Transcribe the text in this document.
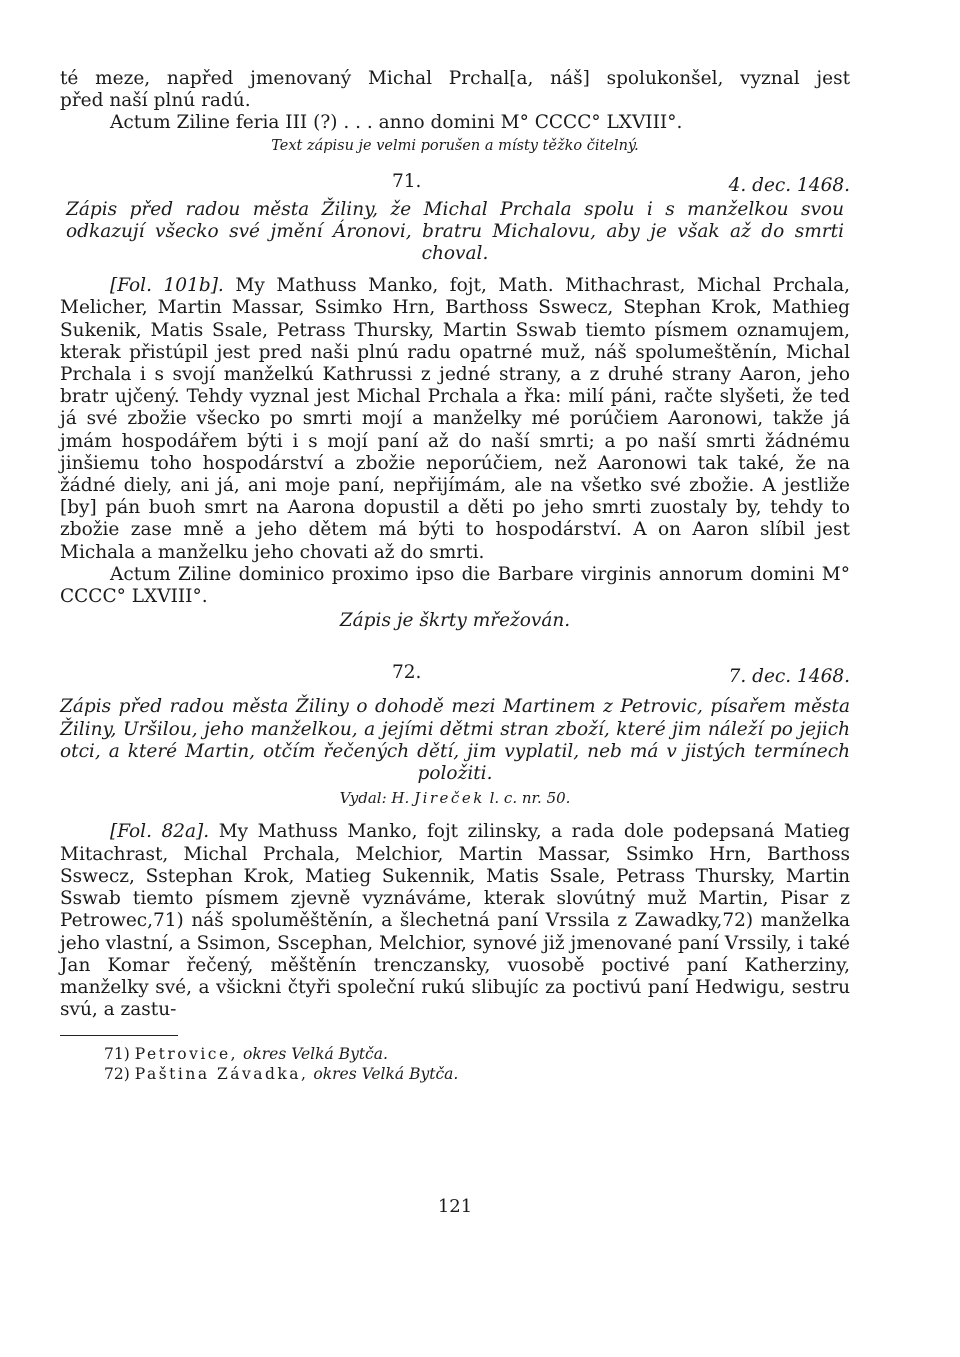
té meze, napřed jmenovaný Michal Prchal[a, náš] spolukonšel, vyznal jest

před naší plnú radú.

Actum Ziline feria III (?) . . . anno domini M° CCCC° LXVIII°.

Text zápisu je velmi porušen a místy těžko čitelný.

71.	4. dec. 1468.

Zápis před radou města Žiliny, že Michal Prchala spolu i s manželkou svou odkazují všecko své jmění Áronovi, bratru Michalovu, aby je však až do smrti choval.

[Fol. 101b]. My Mathuss Manko, fojt, Math. Mithachrast, Michal Prchala, Melicher, Martin Massar, Ssimko Hrn, Barthoss Sswecz, Stephan Krok, Mathieg Sukenik, Matis Ssale, Petrass Thursky, Martin Sswab tiemto písmem oznamujem, kterak přistúpil jest pred naši plnú radu opatrné muž, náš spolumeštěnín, Michal Prchala i s svojí manželkú Kathrussi z jedné strany, a z druhé strany Aaron, jeho bratr ujčený. Tehdy vyznal jest Michal Prchala a řka: milí páni, račte slyšeti, že ted já své zbožie všecko po smrti mojí a manželky mé porúčiem Aaronowi, takže já jmám hospodářem býti i s mojí paní až do naší smrti; a po naší smrti žádnému jinšiemu toho hospodárství a zbožie neporúčiem, než Aaronowi tak také, že na žádné diely, ani já, ani moje paní, nepřijímám, ale na všetko své zbožie. A jestliže [by] pán buoh smrt na Aarona dopustil a děti po jeho smrti zuostaly by, tehdy to zbožie zase mně a jeho dětem má býti to hospodárství. A on Aaron slíbil jest Michala a manželku jeho chovati až do smrti.

Actum Ziline dominico proximo ipso die Barbare virginis annorum domini M° CCCC° LXVIII°.

Zápis je škrty mřežován.

72.	7. dec. 1468.

Zápis před radou města Žiliny o dohodě mezi Martinem z Petrovic, písařem města Žiliny, Uršilou, jeho manželkou, a jejími dětmi stran zboží, které jim náleží po jejich otci, a které Martin, otčím řečených dětí, jim vyplatil, neb má v jistých termínech položiti.

Vydal: H. Jireček l. c. nr. 50.

[Fol. 82a]. My Mathuss Manko, fojt zilinsky, a rada dole podepsaná Matieg Mitachrast, Michal Prchala, Melchior, Martin Massar, Ssimko Hrn, Barthoss Sswecz, Sstephan Krok, Matieg Sukennik, Matis Ssale, Petrass Thursky, Martin Sswab tiemto písmem zjevně vyznáváme, kterak slovútný muž Martin, Pisar z Petrowec,71) náš spoluměštěnín, a šlechetná paní Vrssila z Zawadky,72) manželka jeho vlastní, a Ssimon, Sscephan, Melchior, synové již jmenované paní Vrssily, i také Jan Komar řečený, měštěnín trenczansky, vuosobě poctivé paní Katherziny, manželky své, a všickni čtyři společní rukú slibujíc za poctivú paní Hedwigu, sestru svú, a zastu-

71) Petrovice, okres Velká Bytča.

72) Paština Závadka, okres Velká Bytča.

121
